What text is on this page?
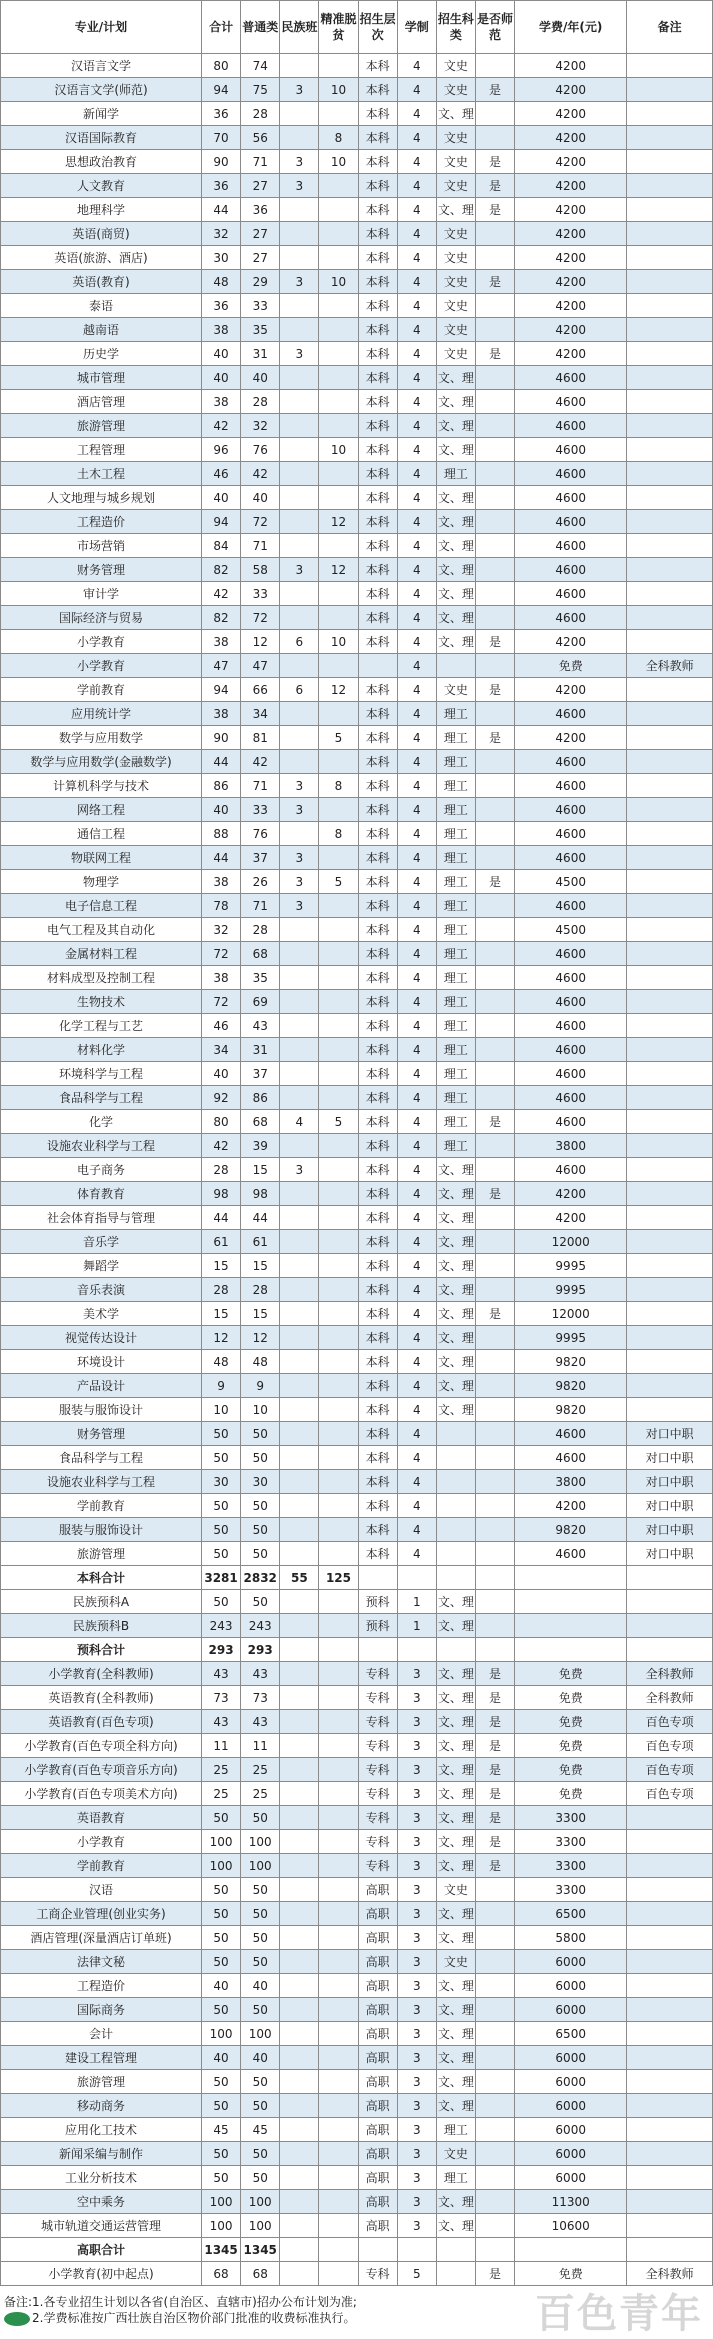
专业/计划	合计	普通类	民族班	精准脱贫	招生层次	学制	招生科类	是否师范	学费/年(元)	备注
汉语言文学	80	74			本科	4	文史		4200	
汉语言文学(师范)	94	75	3	10	本科	4	文史	是	4200	
新闻学	36	28			本科	4	文、理		4200	
汉语国际教育	70	56		8	本科	4	文史		4200	
思想政治教育	90	71	3	10	本科	4	文史	是	4200	
人文教育	36	27	3		本科	4	文史	是	4200	
地理科学	44	36			本科	4	文、理	是	4200	
英语(商贸)	32	27			本科	4	文史		4200	
英语(旅游、酒店)	30	27			本科	4	文史		4200	
英语(教育)	48	29	3	10	本科	4	文史	是	4200	
泰语	36	33			本科	4	文史		4200	
越南语	38	35			本科	4	文史		4200	
历史学	40	31	3		本科	4	文史	是	4200	
城市管理	40	40			本科	4	文、理		4600	
酒店管理	38	28			本科	4	文、理		4600	
旅游管理	42	32			本科	4	文、理		4600	
工程管理	96	76		10	本科	4	文、理		4600	
土木工程	46	42			本科	4	理工		4600	
人文地理与城乡规划	40	40			本科	4	文、理		4600	
工程造价	94	72		12	本科	4	文、理		4600	
市场营销	84	71			本科	4	文、理		4600	
财务管理	82	58	3	12	本科	4	文、理		4600	
审计学	42	33			本科	4	文、理		4600	
国际经济与贸易	82	72			本科	4	文、理		4600	
小学教育	38	12	6	10	本科	4	文、理	是	4200	
小学教育	47	47				4			免费	全科教师
学前教育	94	66	6	12	本科	4	文史	是	4200	
应用统计学	38	34			本科	4	理工		4600	
数学与应用数学	90	81		5	本科	4	理工	是	4200	
数学与应用数学(金融数学)	44	42			本科	4	理工		4600	
计算机科学与技术	86	71	3	8	本科	4	理工		4600	
网络工程	40	33	3		本科	4	理工		4600	
通信工程	88	76		8	本科	4	理工		4600	
物联网工程	44	37	3		本科	4	理工		4600	
物理学	38	26	3	5	本科	4	理工	是	4500	
电子信息工程	78	71	3		本科	4	理工		4600	
电气工程及其自动化	32	28			本科	4	理工		4500	
金属材料工程	72	68			本科	4	理工		4600	
材料成型及控制工程	38	35			本科	4	理工		4600	
生物技术	72	69			本科	4	理工		4600	
化学工程与工艺	46	43			本科	4	理工		4600	
材料化学	34	31			本科	4	理工		4600	
环境科学与工程	40	37			本科	4	理工		4600	
食品科学与工程	92	86			本科	4	理工		4600	
化学	80	68	4	5	本科	4	理工	是	4600	
设施农业科学与工程	42	39			本科	4	理工		3800	
电子商务	28	15	3		本科	4	文、理		4600	
体育教育	98	98			本科	4	文、理	是	4200	
社会体育指导与管理	44	44			本科	4	文、理		4200	
音乐学	61	61			本科	4	文、理		12000	
舞蹈学	15	15			本科	4	文、理		9995	
音乐表演	28	28			本科	4	文、理		9995	
美术学	15	15			本科	4	文、理	是	12000	
视觉传达设计	12	12			本科	4	文、理		9995	
环境设计	48	48			本科	4	文、理		9820	
产品设计	9	9			本科	4	文、理		9820	
服装与服饰设计	10	10			本科	4	文、理		9820	
财务管理	50	50			本科	4			4600	对口中职
食品科学与工程	50	50			本科	4			4600	对口中职
设施农业科学与工程	30	30			本科	4			3800	对口中职
学前教育	50	50			本科	4			4200	对口中职
服装与服饰设计	50	50			本科	4			9820	对口中职
旅游管理	50	50			本科	4			4600	对口中职
本科合计	3281	2832	55	125						
民族预科A	50	50			预科	1	文、理			
民族预科B	243	243			预科	1	文、理			
预科合计	293	293								
小学教育(全科教师)	43	43			专科	3	文、理	是	免费	全科教师
英语教育(全科教师)	73	73			专科	3	文、理	是	免费	全科教师
英语教育(百色专项)	43	43			专科	3	文、理	是	免费	百色专项
小学教育(百色专项全科方向)	11	11			专科	3	文、理	是	免费	百色专项
小学教育(百色专项音乐方向)	25	25			专科	3	文、理	是	免费	百色专项
小学教育(百色专项美术方向)	25	25			专科	3	文、理	是	免费	百色专项
英语教育	50	50			专科	3	文、理	是	3300	
小学教育	100	100			专科	3	文、理	是	3300	
学前教育	100	100			专科	3	文、理	是	3300	
汉语	50	50			高职	3	文史		3300	
工商企业管理(创业实务)	50	50			高职	3	文、理		6500	
酒店管理(深量酒店订单班)	50	50			高职	3	文、理		5800	
法律文秘	50	50			高职	3	文史		6000	
工程造价	40	40			高职	3	文、理		6000	
国际商务	50	50			高职	3	文、理		6000	
会计	100	100			高职	3	文、理		6500	
建设工程管理	40	40			高职	3	文、理		6000	
旅游管理	50	50			高职	3	文、理		6000	
移动商务	50	50			高职	3	文、理		6000	
应用化工技术	45	45			高职	3	理工		6000	
新闻采编与制作	50	50			高职	3	文史		6000	
工业分析技术	50	50			高职	3	理工		6000	
空中乘务	100	100			高职	3	文、理		11300	
城市轨道交通运营管理	100	100			高职	3	文、理		10600	
高职合计	1345	1345								
小学教育(初中起点)	68	68			专科	5		是	免费	全科教师
备注:1.各专业招生计划以各省(自治区、直辖市)招办公布计划为准;
2.学费标准按广西壮族自治区物价部门批准的收费标准执行。	百色青年
